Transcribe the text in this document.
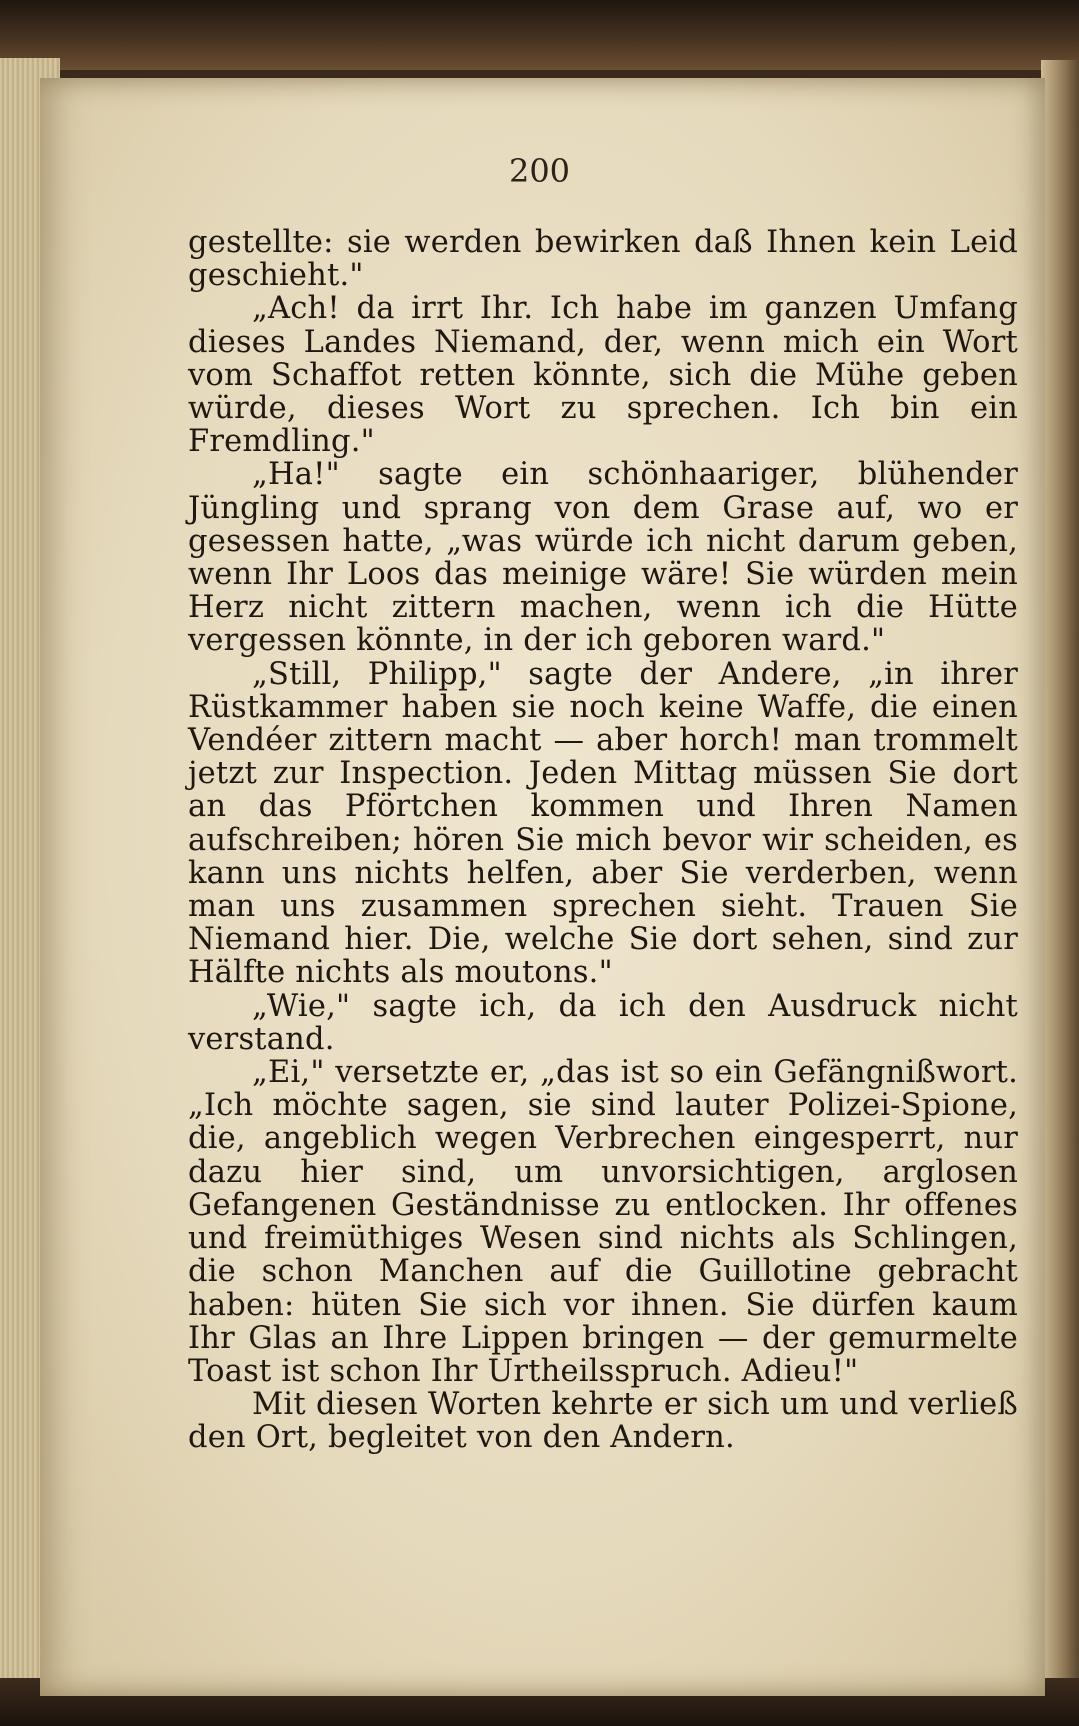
200

gestellte: sie werden bewirken daß Ihnen kein Leid geschieht."

„Ach! da irrt Ihr. Ich habe im ganzen Umfang dieses Landes Niemand, der, wenn mich ein Wort vom Schaffot retten könnte, sich die Mühe geben würde, dieses Wort zu sprechen. Ich bin ein Fremdling."

„Ha!" sagte ein schönhaariger, blühender Jüngling und sprang von dem Grase auf, wo er gesessen hatte, „was würde ich nicht darum geben, wenn Ihr Loos das meinige wäre! Sie würden mein Herz nicht zittern machen, wenn ich die Hütte vergessen könnte, in der ich geboren ward."

„Still, Philipp," sagte der Andere, „in ihrer Rüstkammer haben sie noch keine Waffe, die einen Vendéer zittern macht — aber horch! man trommelt jetzt zur Inspection. Jeden Mittag müssen Sie dort an das Pförtchen kommen und Ihren Namen aufschreiben; hören Sie mich bevor wir scheiden, es kann uns nichts helfen, aber Sie verderben, wenn man uns zusammen sprechen sieht. Trauen Sie Niemand hier. Die, welche Sie dort sehen, sind zur Hälfte nichts als moutons."

„Wie," sagte ich, da ich den Ausdruck nicht verstand.

„Ei," versetzte er, „das ist so ein Gefängnißwort. „Ich möchte sagen, sie sind lauter Polizei-Spione, die, angeblich wegen Verbrechen eingesperrt, nur dazu hier sind, um unvorsichtigen, arglosen Gefangenen Geständnisse zu entlocken. Ihr offenes und freimüthiges Wesen sind nichts als Schlingen, die schon Manchen auf die Guillotine gebracht haben: hüten Sie sich vor ihnen. Sie dürfen kaum Ihr Glas an Ihre Lippen bringen — der gemurmelte Toast ist schon Ihr Urtheilsspruch. Adieu!"

Mit diesen Worten kehrte er sich um und verließ den Ort, begleitet von den Andern.
